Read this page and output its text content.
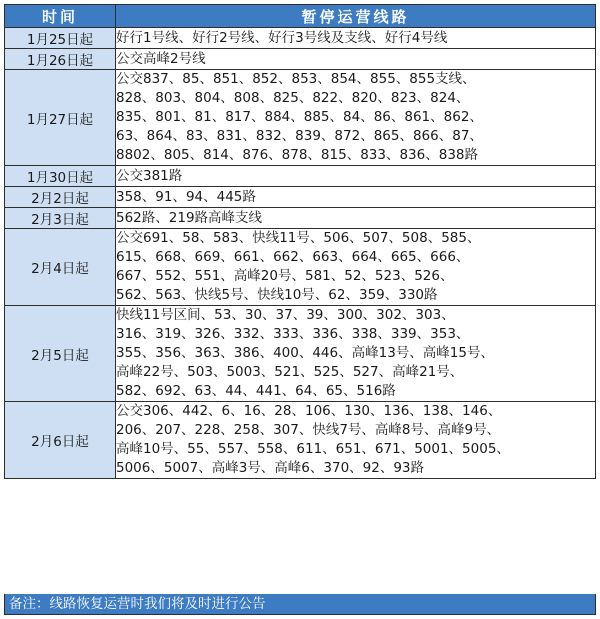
时间	暂停运营线路
1月25日起	好行1号线、好行2号线、好行3号线及支线、好行4号线

1月26日起	公交高峰2号线

1月27日起	公交837、85、851、852、853、854、855、855支线、
828、803、804、808、825、822、820、823、824、
835、801、81、817、884、885、84、86、861、862、
63、864、83、831、832、839、872、865、866、87、
8802、805、814、876、878、815、833、836、838路

1月30日起	公交381路

2月2日起	358、91、94、445路

2月3日起	562路、219路高峰支线

2月4日起	公交691、58、583、快线11号、506、507、508、585、
615、668、669、661、662、663、664、665、666、
667、552、551、高峰20号、581、52、523、526、
562、563、快线5号、快线10号、62、359、330路

2月5日起	快线11号区间、53、30、37、39、300、302、303、
316、319、326、332、333、336、338、339、353、
355、356、363、386、400、446、高峰13号、高峰15号、
高峰22号、503、5003、521、525、527、高峰21号、
582、692、63、44、441、64、65、516路

2月6日起	公交306、442、6、16、28、106、130、136、138、146、
206、207、228、258、307、快线7号、高峰8号、高峰9号、
高峰10号、55、557、558、611、651、671、5001、5005、
5006、5007、高峰3号、高峰6、370、92、93路
备注：线路恢复运营时我们将及时进行公告
